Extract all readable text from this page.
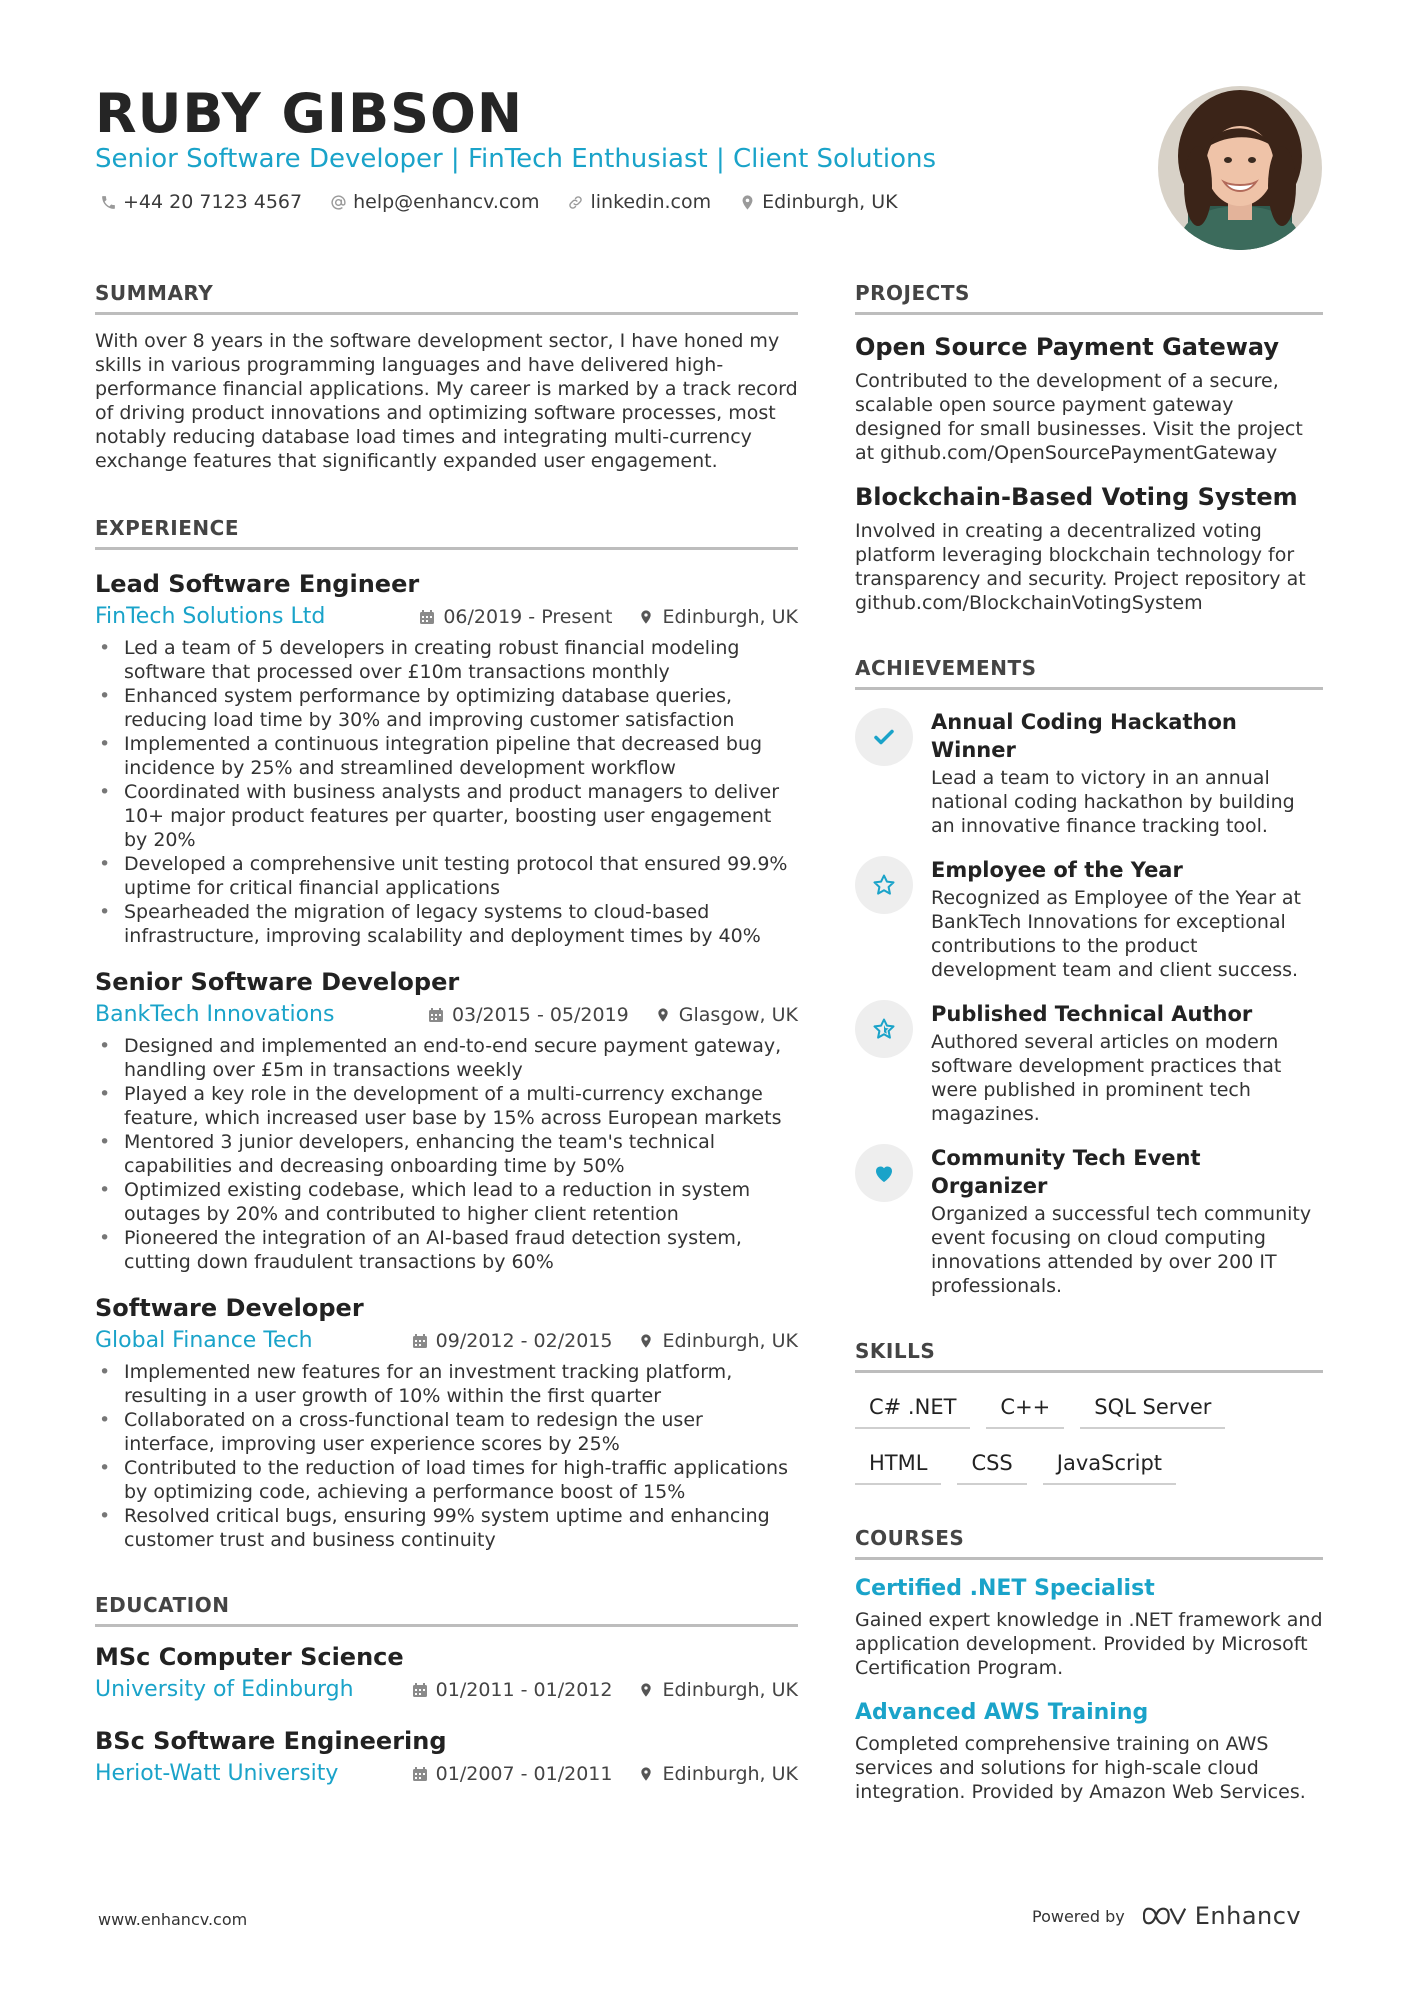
RUBY GIBSON

Senior Software Developer | FinTech Enthusiast | Client Solutions

+44 20 7123 4567	help@enhancv.com	linkedin.com	Edinburgh, UK
SUMMARY

With over 8 years in the software development sector, I have honed my skills in various programming languages and have delivered high-performance financial applications. My career is marked by a track record of driving product innovations and optimizing software processes, most notably reducing database load times and integrating multi-currency exchange features that significantly expanded user engagement.

EXPERIENCE
Lead Software Engineer
FinTech Solutions Ltd	06/2019 - Present	Edinburgh, UK
• Led a team of 5 developers in creating robust financial modeling software that processed over £10m transactions monthly
• Enhanced system performance by optimizing database queries, reducing load time by 30% and improving customer satisfaction
• Implemented a continuous integration pipeline that decreased bug incidence by 25% and streamlined development workflow
• Coordinated with business analysts and product managers to deliver 10+ major product features per quarter, boosting user engagement by 20%
• Developed a comprehensive unit testing protocol that ensured 99.9% uptime for critical financial applications
• Spearheaded the migration of legacy systems to cloud-based infrastructure, improving scalability and deployment times by 40%
Senior Software Developer
BankTech Innovations	03/2015 - 05/2019	Glasgow, UK
• Designed and implemented an end-to-end secure payment gateway, handling over £5m in transactions weekly
• Played a key role in the development of a multi-currency exchange feature, which increased user base by 15% across European markets
• Mentored 3 junior developers, enhancing the team's technical capabilities and decreasing onboarding time by 50%
• Optimized existing codebase, which lead to a reduction in system outages by 20% and contributed to higher client retention
• Pioneered the integration of an AI-based fraud detection system, cutting down fraudulent transactions by 60%
Software Developer
Global Finance Tech	09/2012 - 02/2015	Edinburgh, UK
• Implemented new features for an investment tracking platform, resulting in a user growth of 10% within the first quarter
• Collaborated on a cross-functional team to redesign the user interface, improving user experience scores by 25%
• Contributed to the reduction of load times for high-traffic applications by optimizing code, achieving a performance boost of 15%
• Resolved critical bugs, ensuring 99% system uptime and enhancing customer trust and business continuity
EDUCATION
MSc Computer Science
University of Edinburgh	01/2011 - 01/2012	Edinburgh, UK
BSc Software Engineering
Heriot-Watt University	01/2007 - 01/2011	Edinburgh, UK
PROJECTS
Open Source Payment Gateway

Contributed to the development of a secure, scalable open source payment gateway designed for small businesses. Visit the project at github.com/OpenSourcePaymentGateway

Blockchain-Based Voting System

Involved in creating a decentralized voting platform leveraging blockchain technology for transparency and security. Project repository at github.com/BlockchainVotingSystem

ACHIEVEMENTS
Annual Coding Hackathon Winner

Lead a team to victory in an annual national coding hackathon by building an innovative finance tracking tool.

Employee of the Year

Recognized as Employee of the Year at BankTech Innovations for exceptional contributions to the product development team and client success.

Published Technical Author

Authored several articles on modern software development practices that were published in prominent tech magazines.

Community Tech Event Organizer

Organized a successful tech community event focusing on cloud computing innovations attended by over 200 IT professionals.

SKILLS
C# .NET	C++	SQL Server
HTML	CSS	JavaScript
COURSES
Certified .NET Specialist

Gained expert knowledge in .NET framework and application development. Provided by Microsoft Certification Program.

Advanced AWS Training

Completed comprehensive training on AWS services and solutions for high-scale cloud integration. Provided by Amazon Web Services.

www.enhancv.com	Powered by	Enhancv
